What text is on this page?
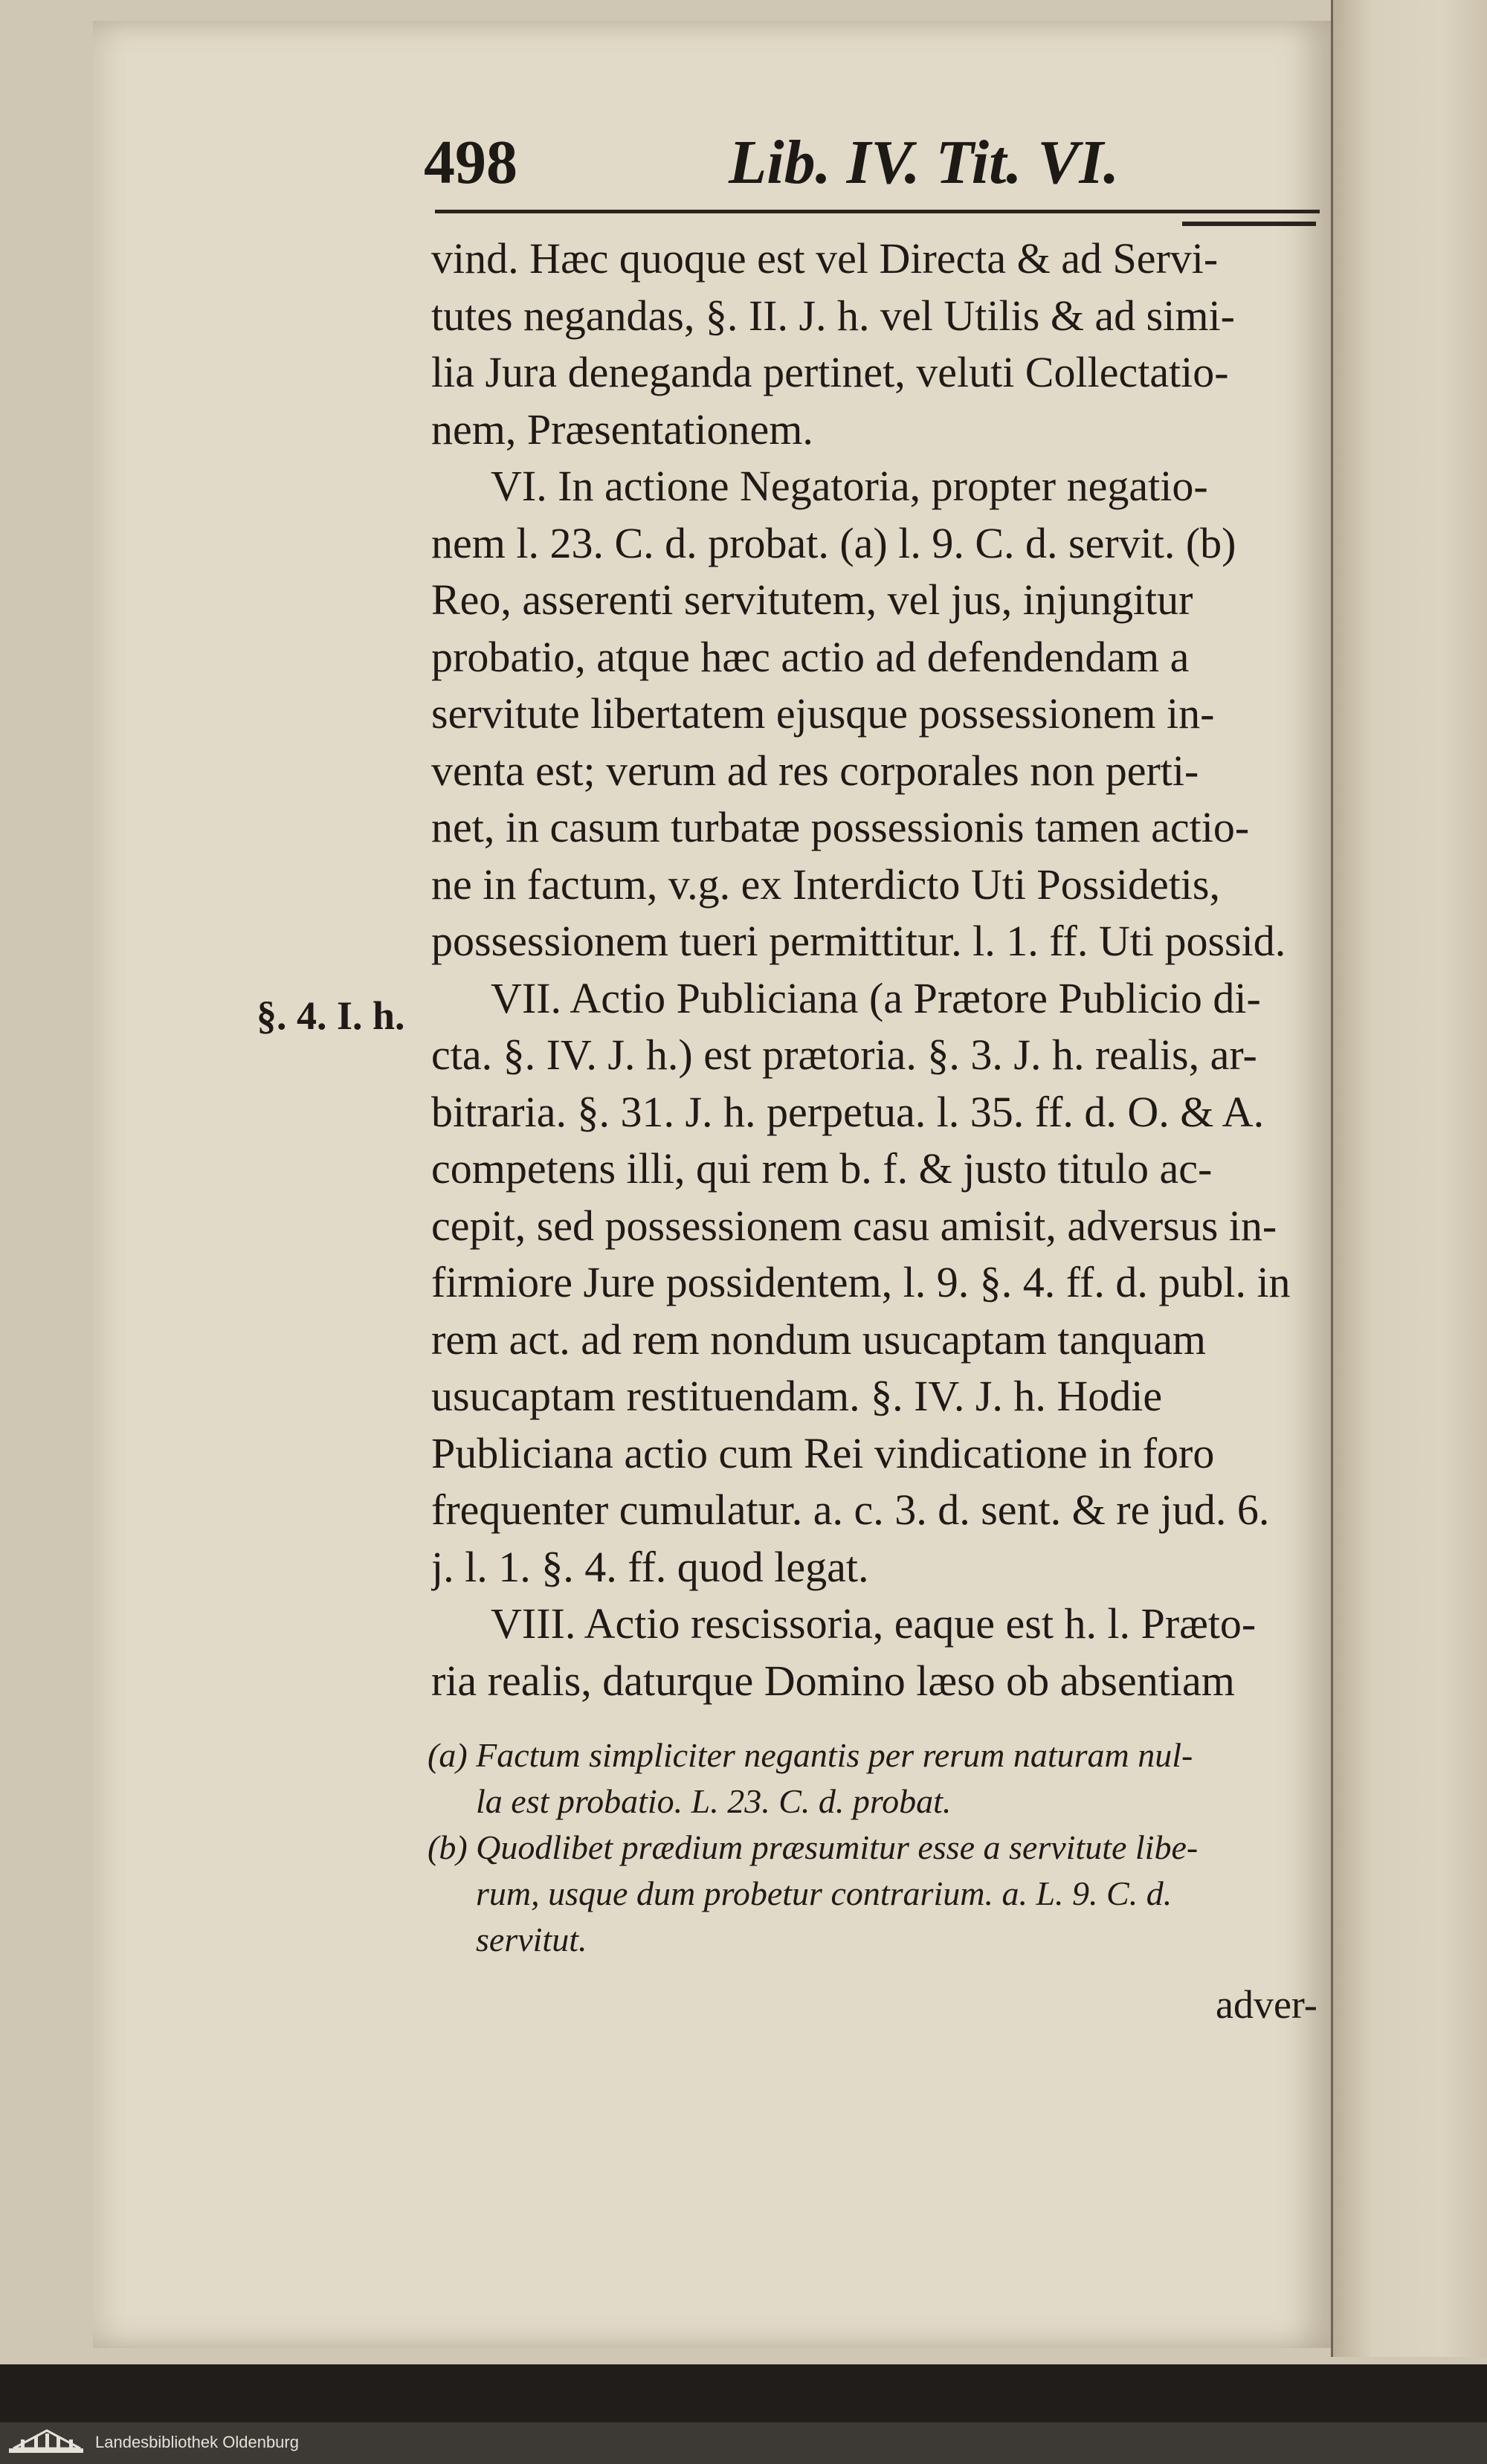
498	Lib. IV. Tit. VI.
vind. Hæc quoque est vel Directa & ad Servi-
tutes negandas, §. II. J. h. vel Utilis & ad simi-
lia Jura deneganda pertinet, veluti Collectatio-
nem, Præsentationem.
VI. In actione Negatoria, propter negatio-
nem l. 23. C. d. probat. (a) l. 9. C. d. servit. (b)
Reo, asserenti servitutem, vel jus, injungitur
probatio, atque hæc actio ad defendendam a
servitute libertatem ejusque possessionem in-
venta est; verum ad res corporales non perti-
net, in casum turbatæ possessionis tamen actio-
ne in factum, v.g. ex Interdicto Uti Possidetis,
possessionem tueri permittitur. l. 1. ff. Uti possid.
VII. Actio Publiciana (a Prætore Publicio di-
cta. §. IV. J. h.) est prætoria. §. 3. J. h. realis, ar-
bitraria. §. 31. J. h. perpetua. l. 35. ff. d. O. & A.
competens illi, qui rem b. f. & justo titulo ac-
cepit, sed possessionem casu amisit, adversus in-
firmiore Jure possidentem, l. 9. §. 4. ff. d. publ. in
rem act. ad rem nondum usucaptam tanquam
usucaptam restituendam. §. IV. J. h. Hodie
Publiciana actio cum Rei vindicatione in foro
frequenter cumulatur. a. c. 3. d. sent. & re jud. 6.
j. l. 1. §. 4. ff. quod legat.
VIII. Actio rescissoria, eaque est h. l. Præto-
ria realis, daturque Domino læso ob absentiam
§. 4. I. h.
(a) Factum simpliciter negantis per rerum naturam nul-
la est probatio. L. 23. C. d. probat.
(b) Quodlibet prædium præsumitur esse a servitute libe-
rum, usque dum probetur contrarium. a. L. 9. C. d.
servitut.
adver-
Landesbibliothek Oldenburg
